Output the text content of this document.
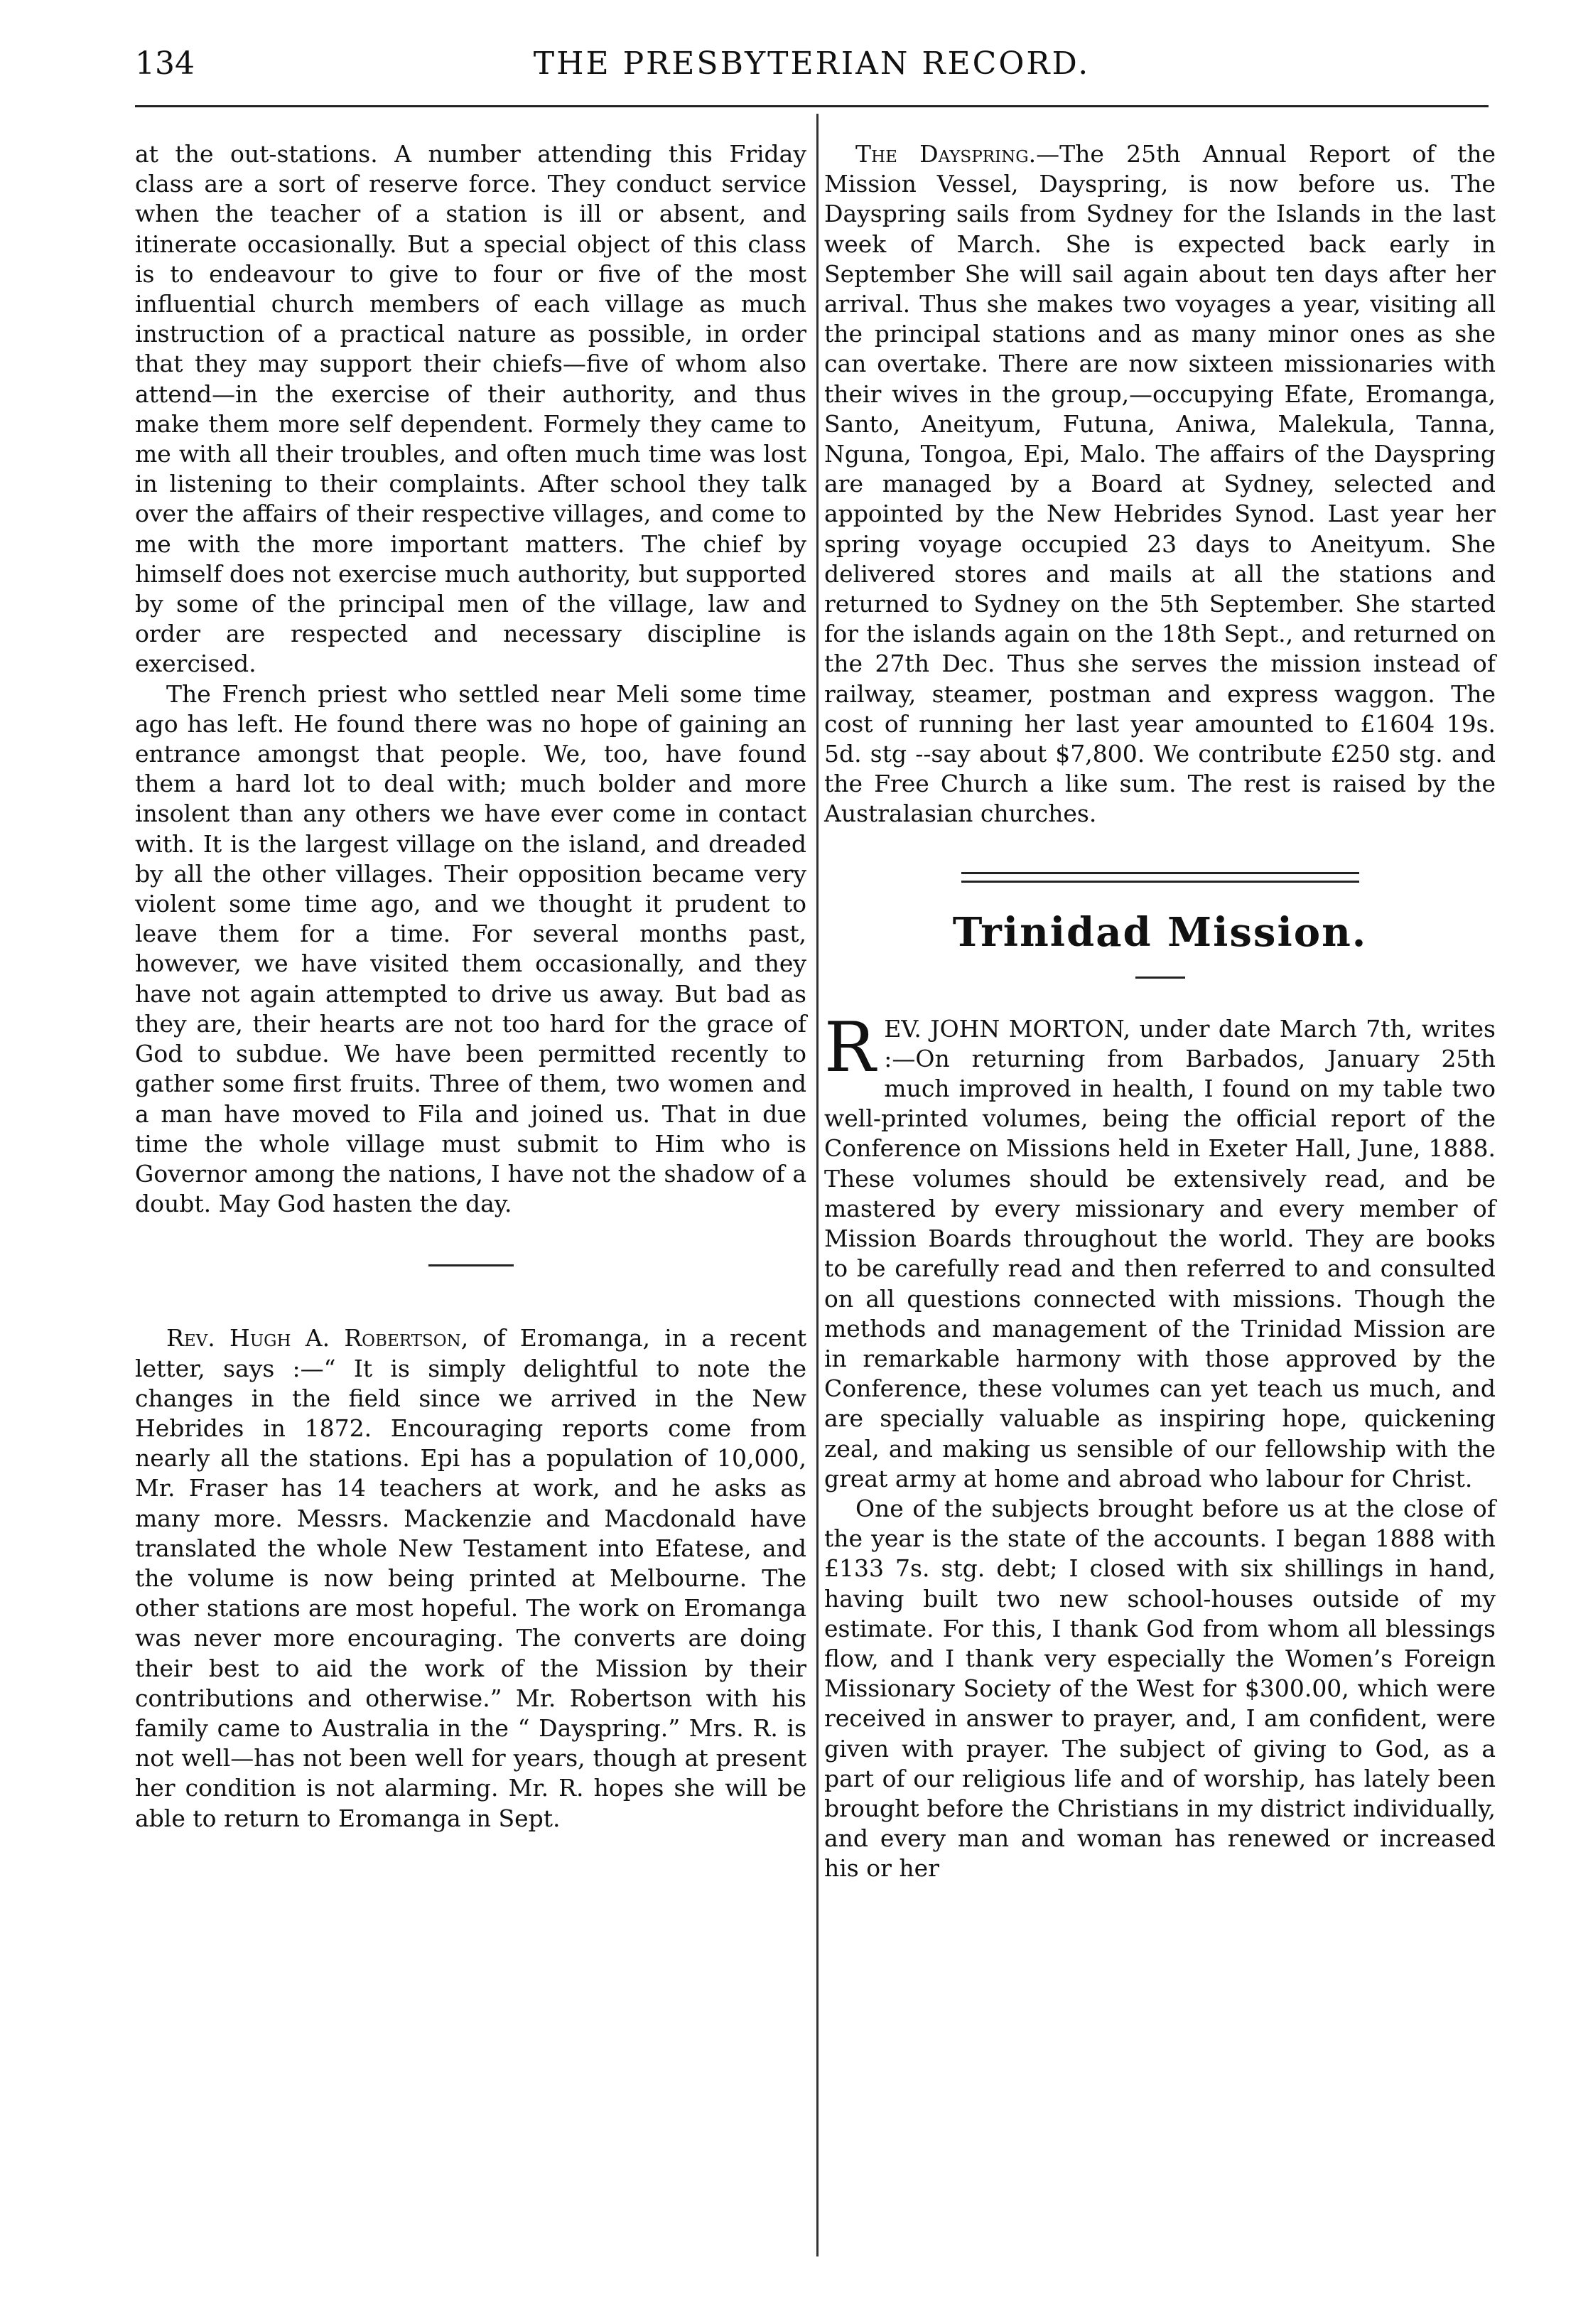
134	THE PRESBYTERIAN RECORD.

at the out-stations. A number attending this Friday class are a sort of reserve force. They conduct service when the teacher of a station is ill or absent, and itinerate occasionally. But a special object of this class is to endeavour to give to four or five of the most influential church members of each village as much instruction of a practical nature as possible, in order that they may support their chiefs—five of whom also attend—in the exercise of their authority, and thus make them more self dependent. Formely they came to me with all their troubles, and often much time was lost in listening to their complaints. After school they talk over the affairs of their respective villages, and come to me with the more important matters. The chief by himself does not exercise much authority, but supported by some of the principal men of the village, law and order are respected and necessary discipline is exercised.

The French priest who settled near Meli some time ago has left. He found there was no hope of gaining an entrance amongst that people. We, too, have found them a hard lot to deal with; much bolder and more insolent than any others we have ever come in contact with. It is the largest village on the island, and dreaded by all the other villages. Their opposition became very violent some time ago, and we thought it prudent to leave them for a time. For several months past, however, we have visited them occasionally, and they have not again attempted to drive us away. But bad as they are, their hearts are not too hard for the grace of God to subdue. We have been permitted recently to gather some first fruits. Three of them, two women and a man have moved to Fila and joined us. That in due time the whole village must submit to Him who is Governor among the nations, I have not the shadow of a doubt. May God hasten the day.

Rev. Hugh A. Robertson, of Eromanga, in a recent letter, says :—“ It is simply delightful to note the changes in the field since we arrived in the New Hebrides in 1872. Encouraging reports come from nearly all the stations. Epi has a population of 10,000, Mr. Fraser has 14 teachers at work, and he asks as many more. Messrs. Mackenzie and Macdonald have translated the whole New Testament into Efatese, and the volume is now being printed at Melbourne. The other stations are most hopeful. The work on Eromanga was never more encouraging. The converts are doing their best to aid the work of the Mission by their contributions and otherwise.” Mr. Robertson with his family came to Australia in the “ Dayspring.” Mrs. R. is not well—has not been well for years, though at present her condition is not alarming. Mr. R. hopes she will be able to return to Eromanga in Sept.

The Dayspring.—The 25th Annual Report of the Mission Vessel, Dayspring, is now before us. The Dayspring sails from Sydney for the Islands in the last week of March. She is expected back early in September She will sail again about ten days after her arrival. Thus she makes two voyages a year, visiting all the principal stations and as many minor ones as she can overtake. There are now sixteen missionaries with their wives in the group,—occupying Efate, Eromanga, Santo, Aneityum, Futuna, Aniwa, Malekula, Tanna, Nguna, Tongoa, Epi, Malo. The affairs of the Dayspring are managed by a Board at Sydney, selected and appointed by the New Hebrides Synod. Last year her spring voyage occupied 23 days to Aneityum. She delivered stores and mails at all the stations and returned to Sydney on the 5th September. She started for the islands again on the 18th Sept., and returned on the 27th Dec. Thus she serves the mission instead of railway, steamer, postman and express waggon. The cost of running her last year amounted to £1604 19s. 5d. stg --say about $7,800. We contribute £250 stg. and the Free Church a like sum. The rest is raised by the Australasian churches.

Trinidad Mission.

REV. JOHN MORTON, under date March 7th, writes :—On returning from Barbados, January 25th much improved in health, I found on my table two well-printed volumes, being the official report of the Conference on Missions held in Exeter Hall, June, 1888. These volumes should be extensively read, and be mastered by every missionary and every member of Mission Boards throughout the world. They are books to be carefully read and then referred to and consulted on all questions connected with missions. Though the methods and management of the Trinidad Mission are in remarkable harmony with those approved by the Conference, these volumes can yet teach us much, and are specially valuable as inspiring hope, quickening zeal, and making us sensible of our fellowship with the great army at home and abroad who labour for Christ.

One of the subjects brought before us at the close of the year is the state of the accounts. I began 1888 with £133 7s. stg. debt; I closed with six shillings in hand, having built two new school-houses outside of my estimate. For this, I thank God from whom all blessings flow, and I thank very especially the Women’s Foreign Missionary Society of the West for $300.00, which were received in answer to prayer, and, I am confident, were given with prayer. The subject of giving to God, as a part of our religious life and of worship, has lately been brought before the Christians in my district individually, and every man and woman has renewed or increased his or her
